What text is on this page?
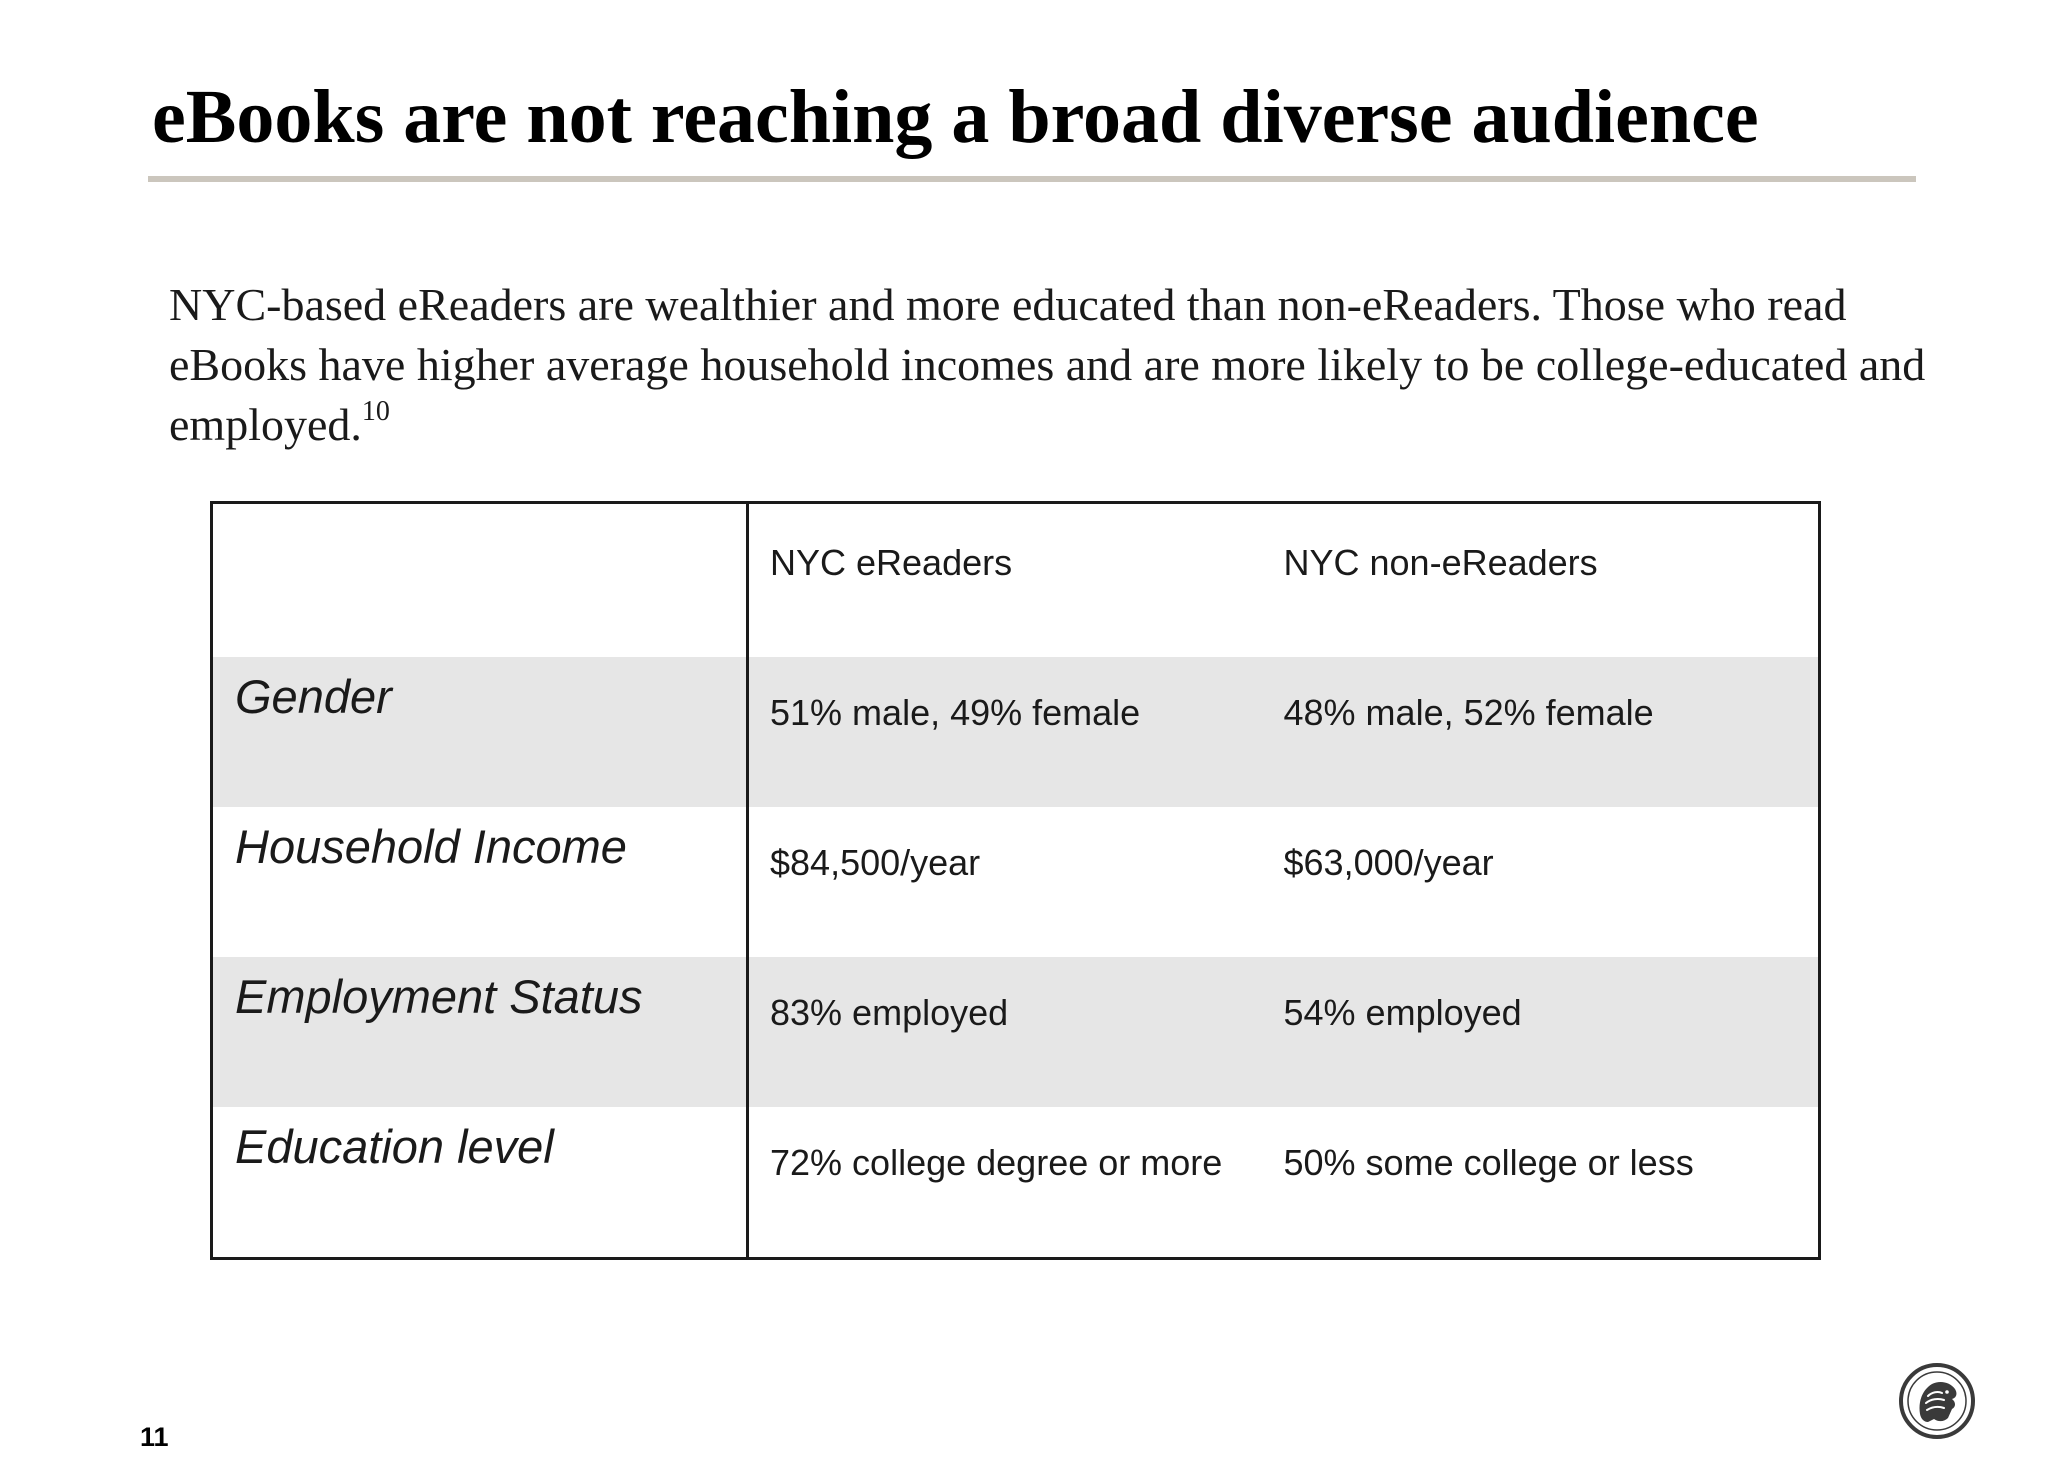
eBooks are not reaching a broad diverse audience

NYC-based eReaders are wealthier and more educated than non-eReaders. Those who read eBooks have higher average household incomes and are more likely to be college-educated and employed.$^{10}$

	NYC eReaders	NYC non-eReaders
Gender	51% male, 49% female	48% male, 52% female
Household Income	$84,500/year	$63,000/year
Employment Status	83% employed	54% employed
Education level	72% college degree or more	50% some college or less
11
